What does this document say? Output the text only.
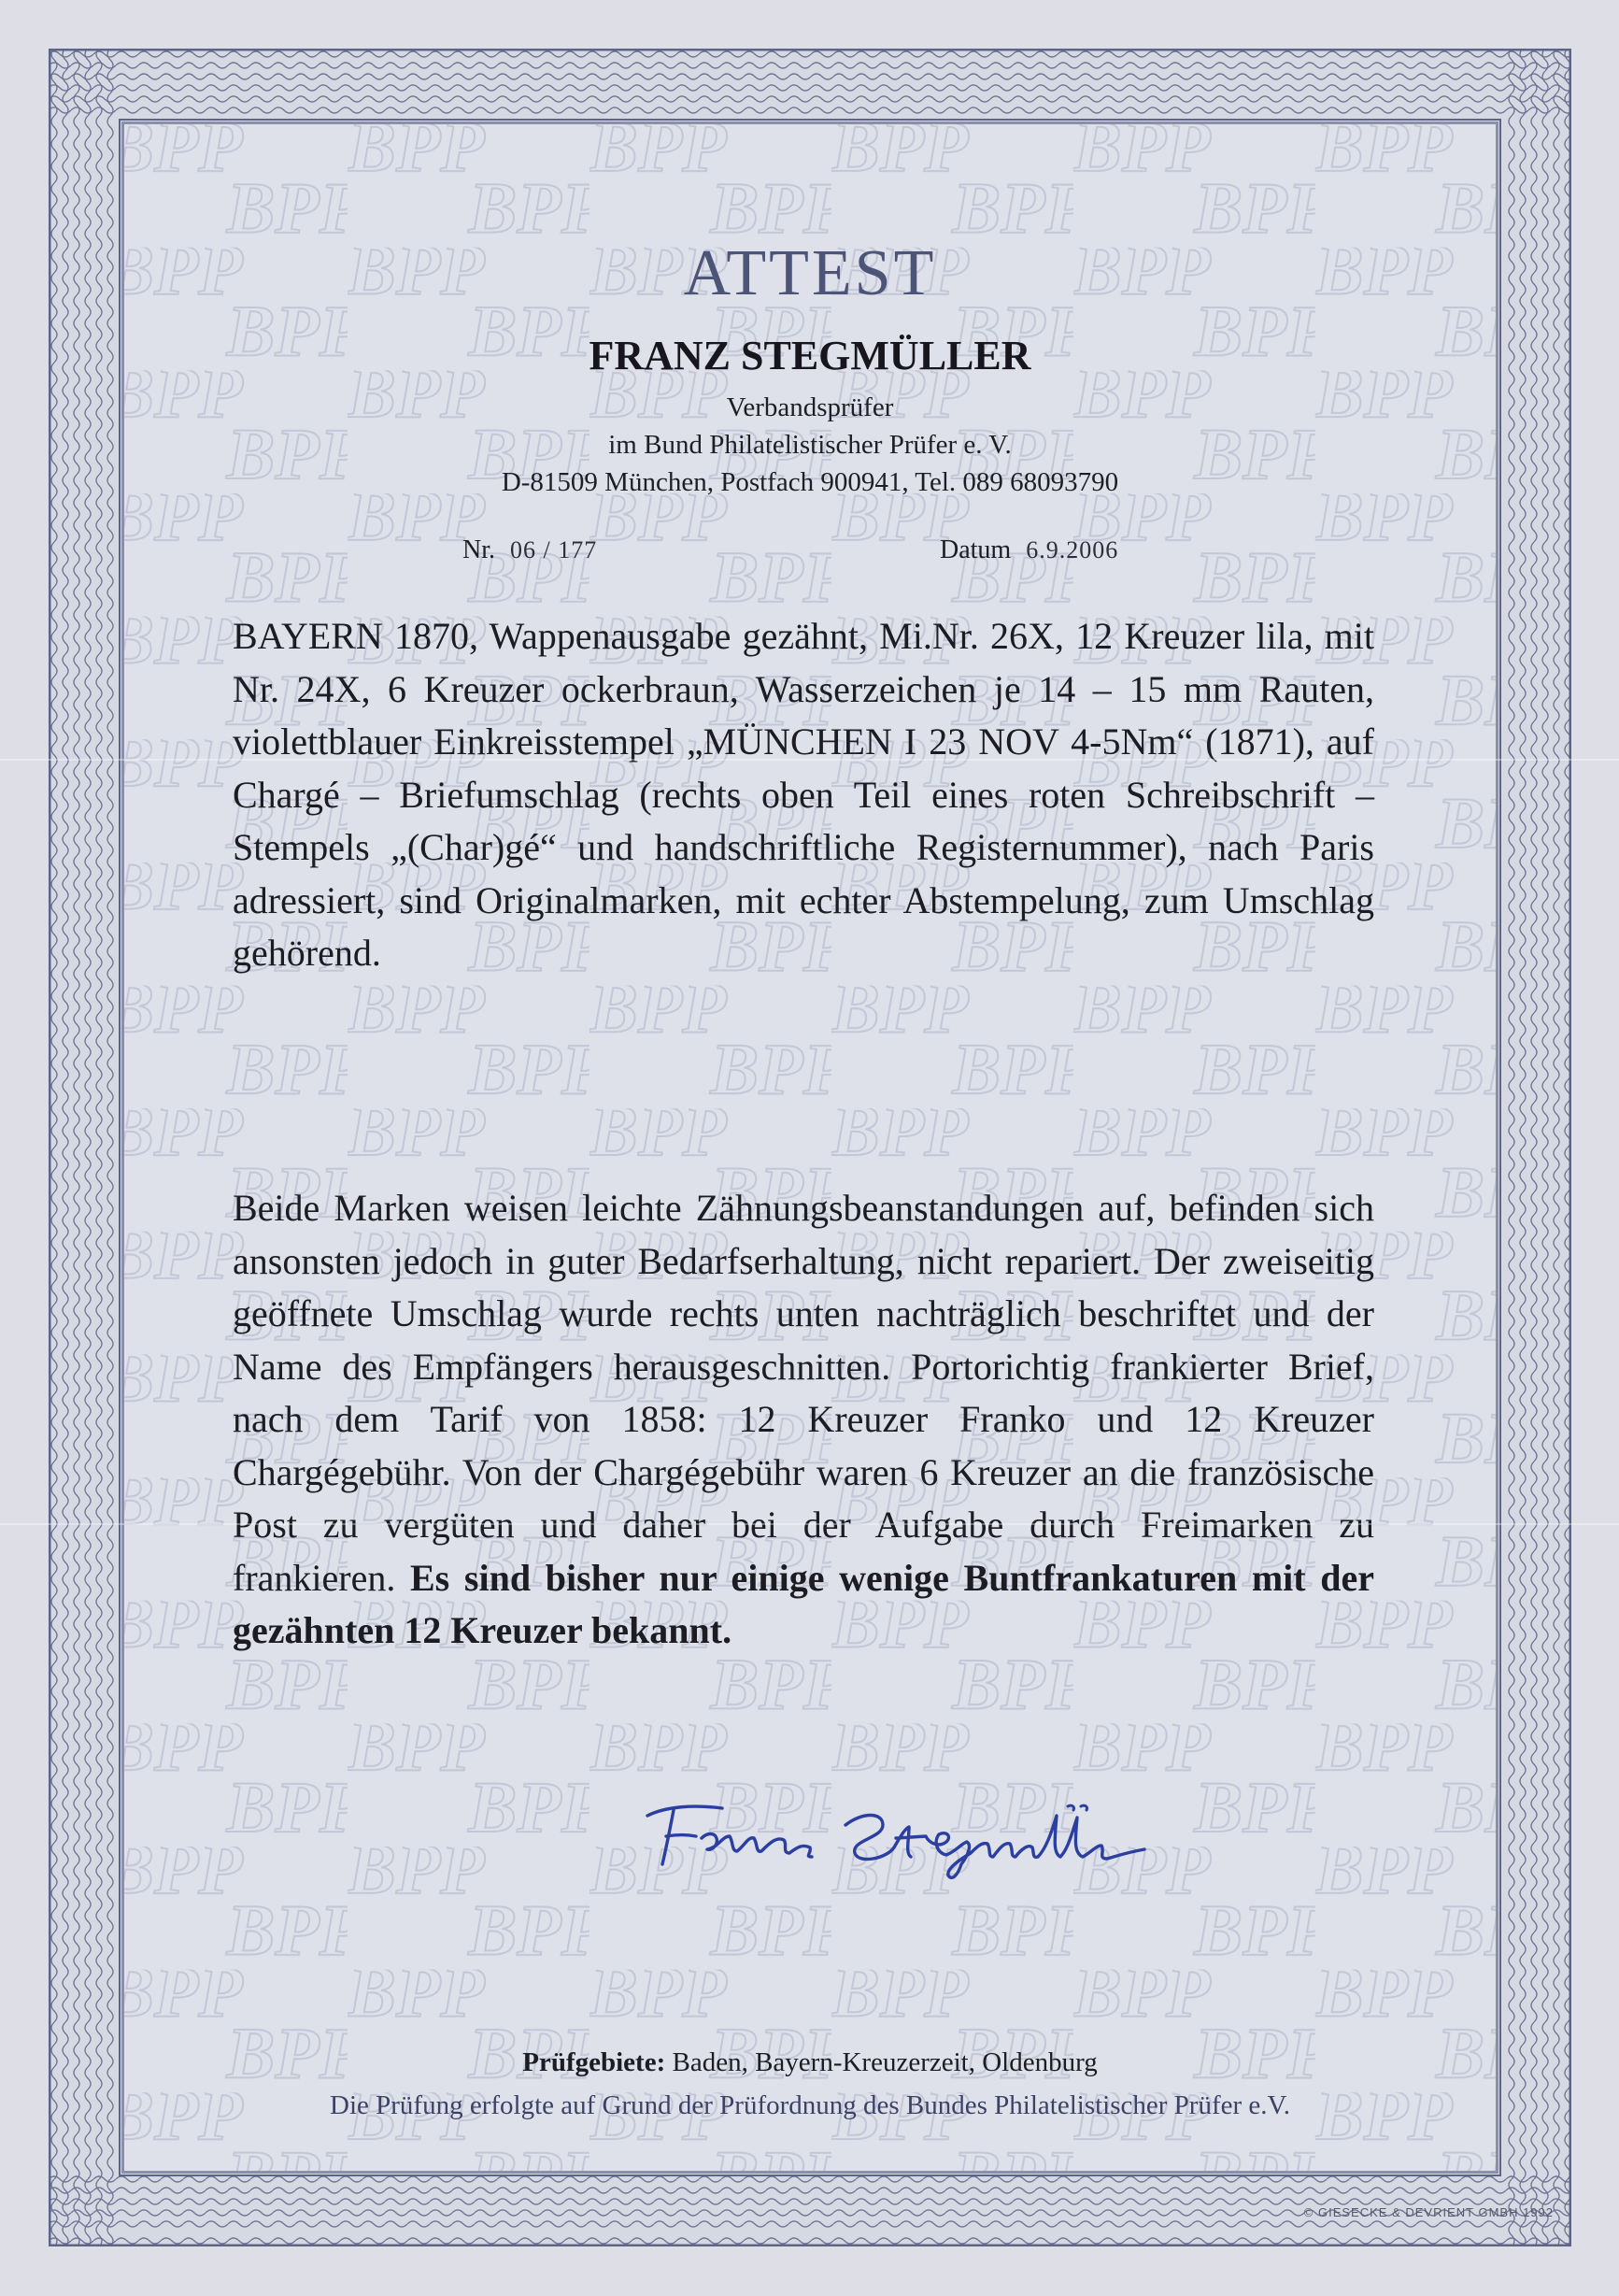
ATTEST
FRANZ STEGMÜLLER
Verbandsprüfer
im Bund Philatelistischer Prüfer e. V.
D-81509 München, Postfach 900941, Tel. 089 68093790
Nr. 06 / 177	Datum 6.9.2006
BAYERN 1870, Wappenausgabe gezähnt, Mi.Nr. 26X, 12 Kreuzer lila, mit Nr. 24X, 6 Kreuzer ockerbraun, Wasserzeichen je 14 – 15 mm Rauten, violettblauer Einkreisstempel „MÜNCHEN I 23 NOV 4-5Nm“ (1871), auf Chargé – Briefumschlag (rechts oben Teil eines roten Schreibschrift – Stempels „(Char)gé“ und handschriftliche Registernummer), nach Paris adressiert, sind Originalmarken, mit echter Abstempelung, zum Umschlag gehörend.
Beide Marken weisen leichte Zähnungsbeanstandungen auf, befinden sich ansonsten jedoch in guter Bedarfserhaltung, nicht repariert. Der zweiseitig geöffnete Umschlag wurde rechts unten nachträglich beschriftet und der Name des Empfängers herausgeschnitten. Portorichtig frankierter Brief, nach dem Tarif von 1858: 12 Kreuzer Franko und 12 Kreuzer Chargégebühr. Von der Chargégebühr waren 6 Kreuzer an die französische Post zu vergüten und daher bei der Aufgabe durch Freimarken zu frankieren. Es sind bisher nur einige wenige Buntfrankaturen mit der gezähnten 12 Kreuzer bekannt.
Prüfgebiete: Baden, Bayern-Kreuzerzeit, Oldenburg
Die Prüfung erfolgte auf Grund der Prüfordnung des Bundes Philatelistischer Prüfer e.V.
© GIESECKE & DEVRIENT GMBH 1992
